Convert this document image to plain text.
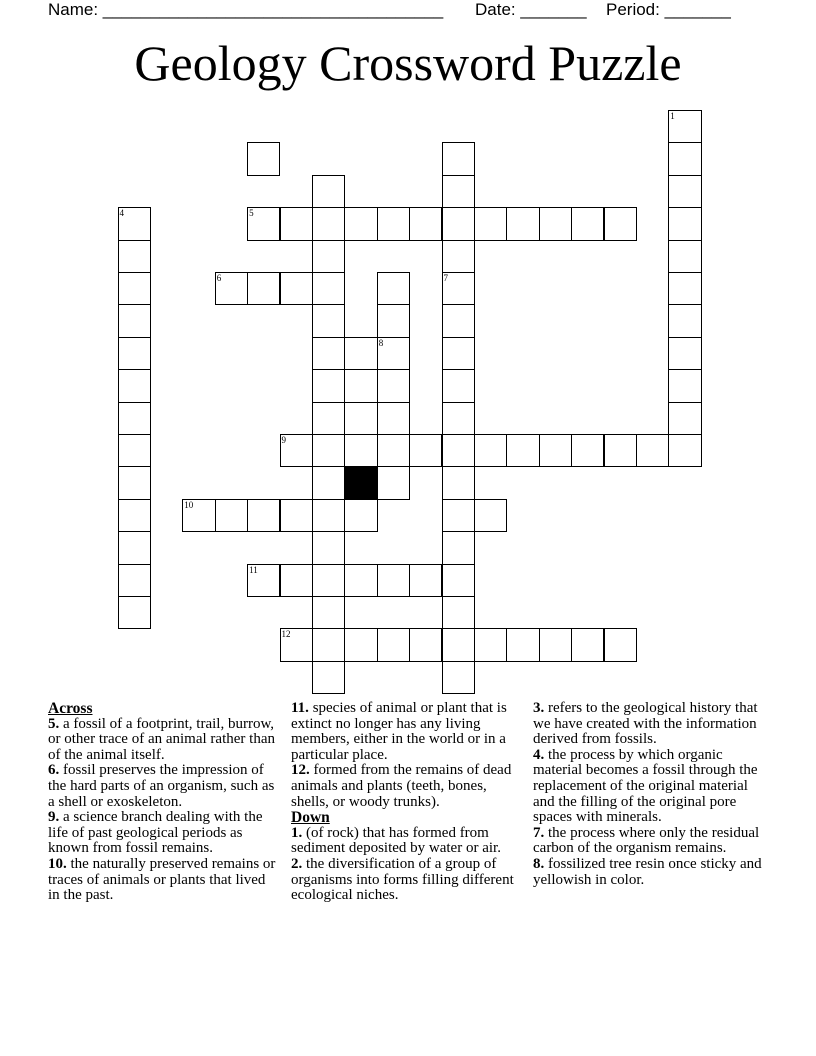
Name: ____________________________________ Date: _______ Period: _______
Geology Crossword Puzzle
1
4	5
6	7
8
9
10
11
12
Across
5. a fossil of a footprint, trail, burrow, or other trace of an animal rather than of the animal itself.
6. fossil preserves the impression of the hard parts of an organism, such as a shell or exoskeleton.
9. a science branch dealing with the life of past geological periods as known from fossil remains.
10. the naturally preserved remains or traces of animals or plants that lived in the past.
11. species of animal or plant that is extinct no longer has any living members, either in the world or in a particular place.
12. formed from the remains of dead animals and plants (teeth, bones, shells, or woody trunks).
Down
1. (of rock) that has formed from sediment deposited by water or air.
2. the diversification of a group of organisms into forms filling different ecological niches.
3. refers to the geological history that we have created with the information derived from fossils.
4. the process by which organic material becomes a fossil through the replacement of the original material and the filling of the original pore spaces with minerals.
7. the process where only the residual carbon of the organism remains.
8. fossilized tree resin once sticky and yellowish in color.
